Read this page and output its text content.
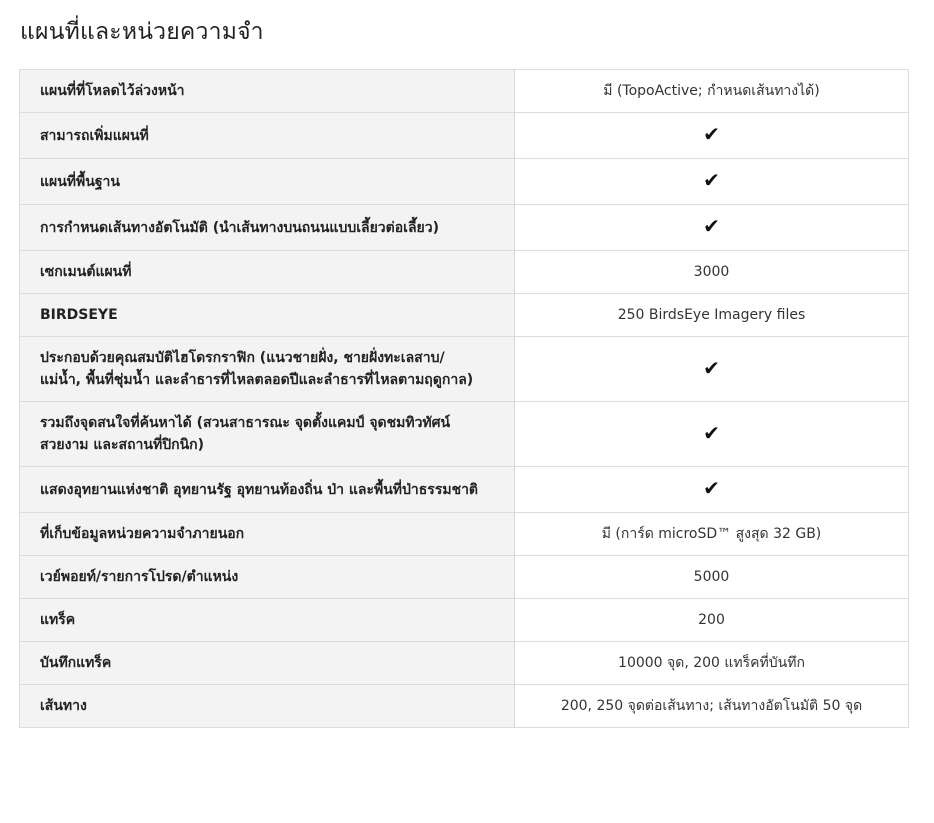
แผนที่และหน่วยความจำ
แผนที่ที่โหลดไว้ล่วงหน้า	มี (TopoActive; กำหนดเส้นทางได้)
สามารถเพิ่มแผนที่	✔
แผนที่พื้นฐาน	✔
การกำหนดเส้นทางอัตโนมัติ (นำเส้นทางบนถนนแบบเลี้ยวต่อเลี้ยว)	✔
เซกเมนต์แผนที่	3000
BIRDSEYE	250 BirdsEye Imagery files
ประกอบด้วยคุณสมบัติไฮโดรกราฟิก (แนวชายฝั่ง, ชายฝั่งทะเลสาบ/แม่น้ำ, พื้นที่ชุ่มน้ำ และลำธารที่ไหลตลอดปีและลำธารที่ไหลตามฤดูกาล)	✔
รวมถึงจุดสนใจที่ค้นหาได้ (สวนสาธารณะ จุดตั้งแคมป์ จุดชมทิวทัศน์สวยงาม และสถานที่ปิกนิก)	✔
แสดงอุทยานแห่งชาติ อุทยานรัฐ อุทยานท้องถิ่น ป่า และพื้นที่ป่าธรรมชาติ	✔
ที่เก็บข้อมูลหน่วยความจำภายนอก	มี (การ์ด microSD™ สูงสุด 32 GB)
เวย์พอยท์/รายการโปรด/ตำแหน่ง	5000
แทร็ค	200
บันทึกแทร็ค	10000 จุด, 200 แทร็คที่บันทึก
เส้นทาง	200, 250 จุดต่อเส้นทาง; เส้นทางอัตโนมัติ 50 จุด
